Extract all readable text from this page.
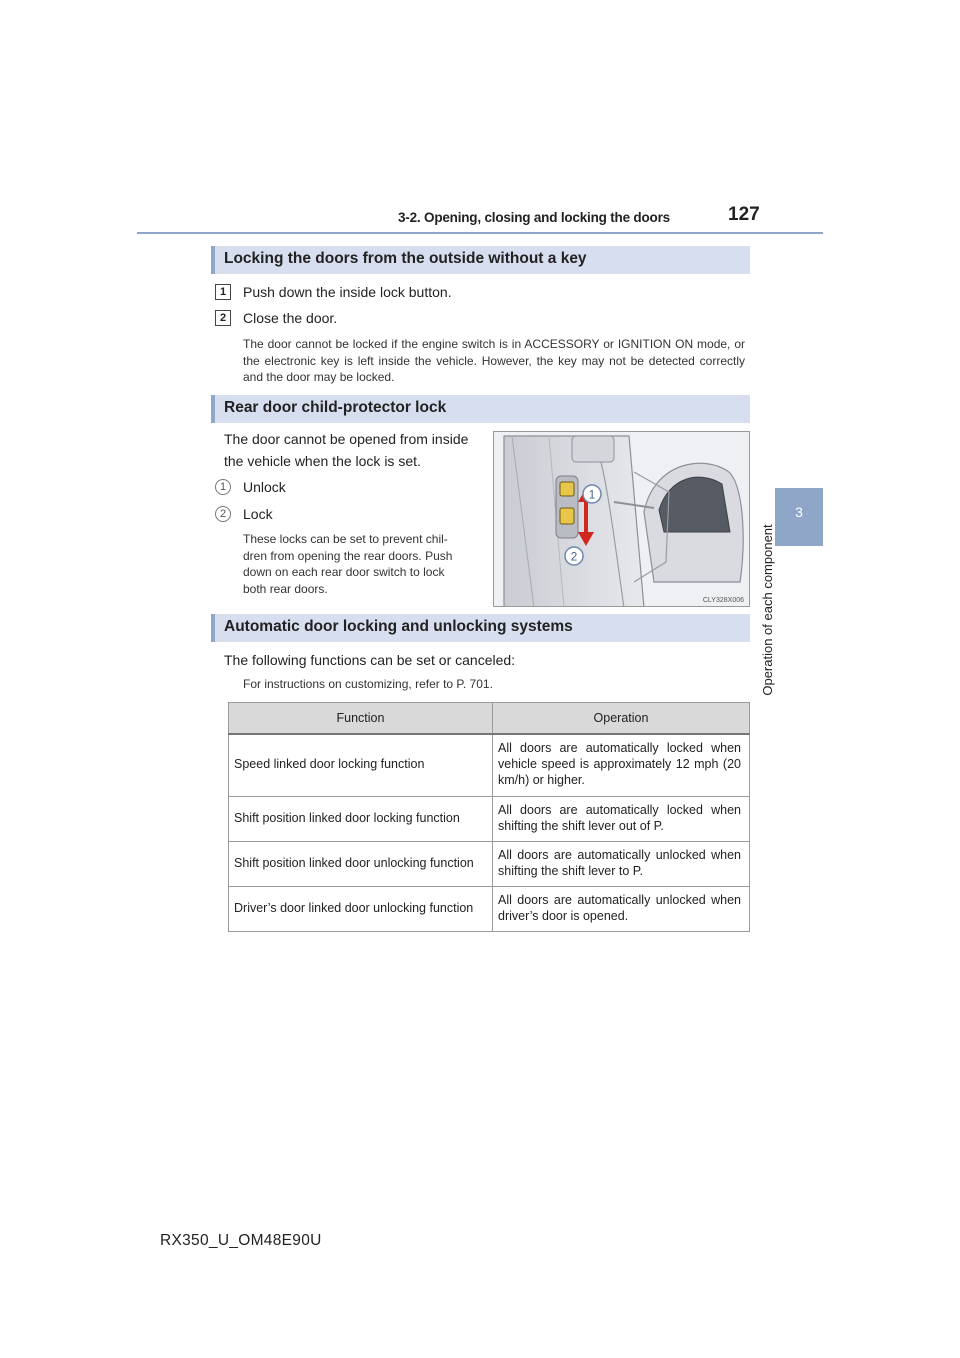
3-2. Opening, closing and locking the doors	127
3
Operation of each component
Locking the doors from the outside without a key
1	Push down the inside lock button.
2	Close the door.
The door cannot be locked if the engine switch is in ACCESSORY or IGNITION ON mode, or the electronic key is left inside the vehicle. However, the key may not be detected correctly and the door may be locked.
Rear door child-protector lock
The door cannot be opened from inside
the vehicle when the lock is set.
1	Unlock
2	Lock
These locks can be set to prevent chil-
dren from opening the rear doors. Push
down on each rear door switch to lock
both rear doors.
1
2
CLY328X006
Automatic door locking and unlocking systems
The following functions can be set or canceled:
For instructions on customizing, refer to P. 701.
Function	Operation
Speed linked door locking function	All doors are automatically locked when vehicle speed is approximately 12 mph (20 km/h) or higher.
Shift position linked door locking function	All doors are automatically locked when shifting the shift lever out of P.
Shift position linked door unlocking function	All doors are automatically unlocked when shifting the shift lever to P.
Driver’s door linked door unlocking function	All doors are automatically unlocked when driver’s door is opened.
RX350_U_OM48E90U
